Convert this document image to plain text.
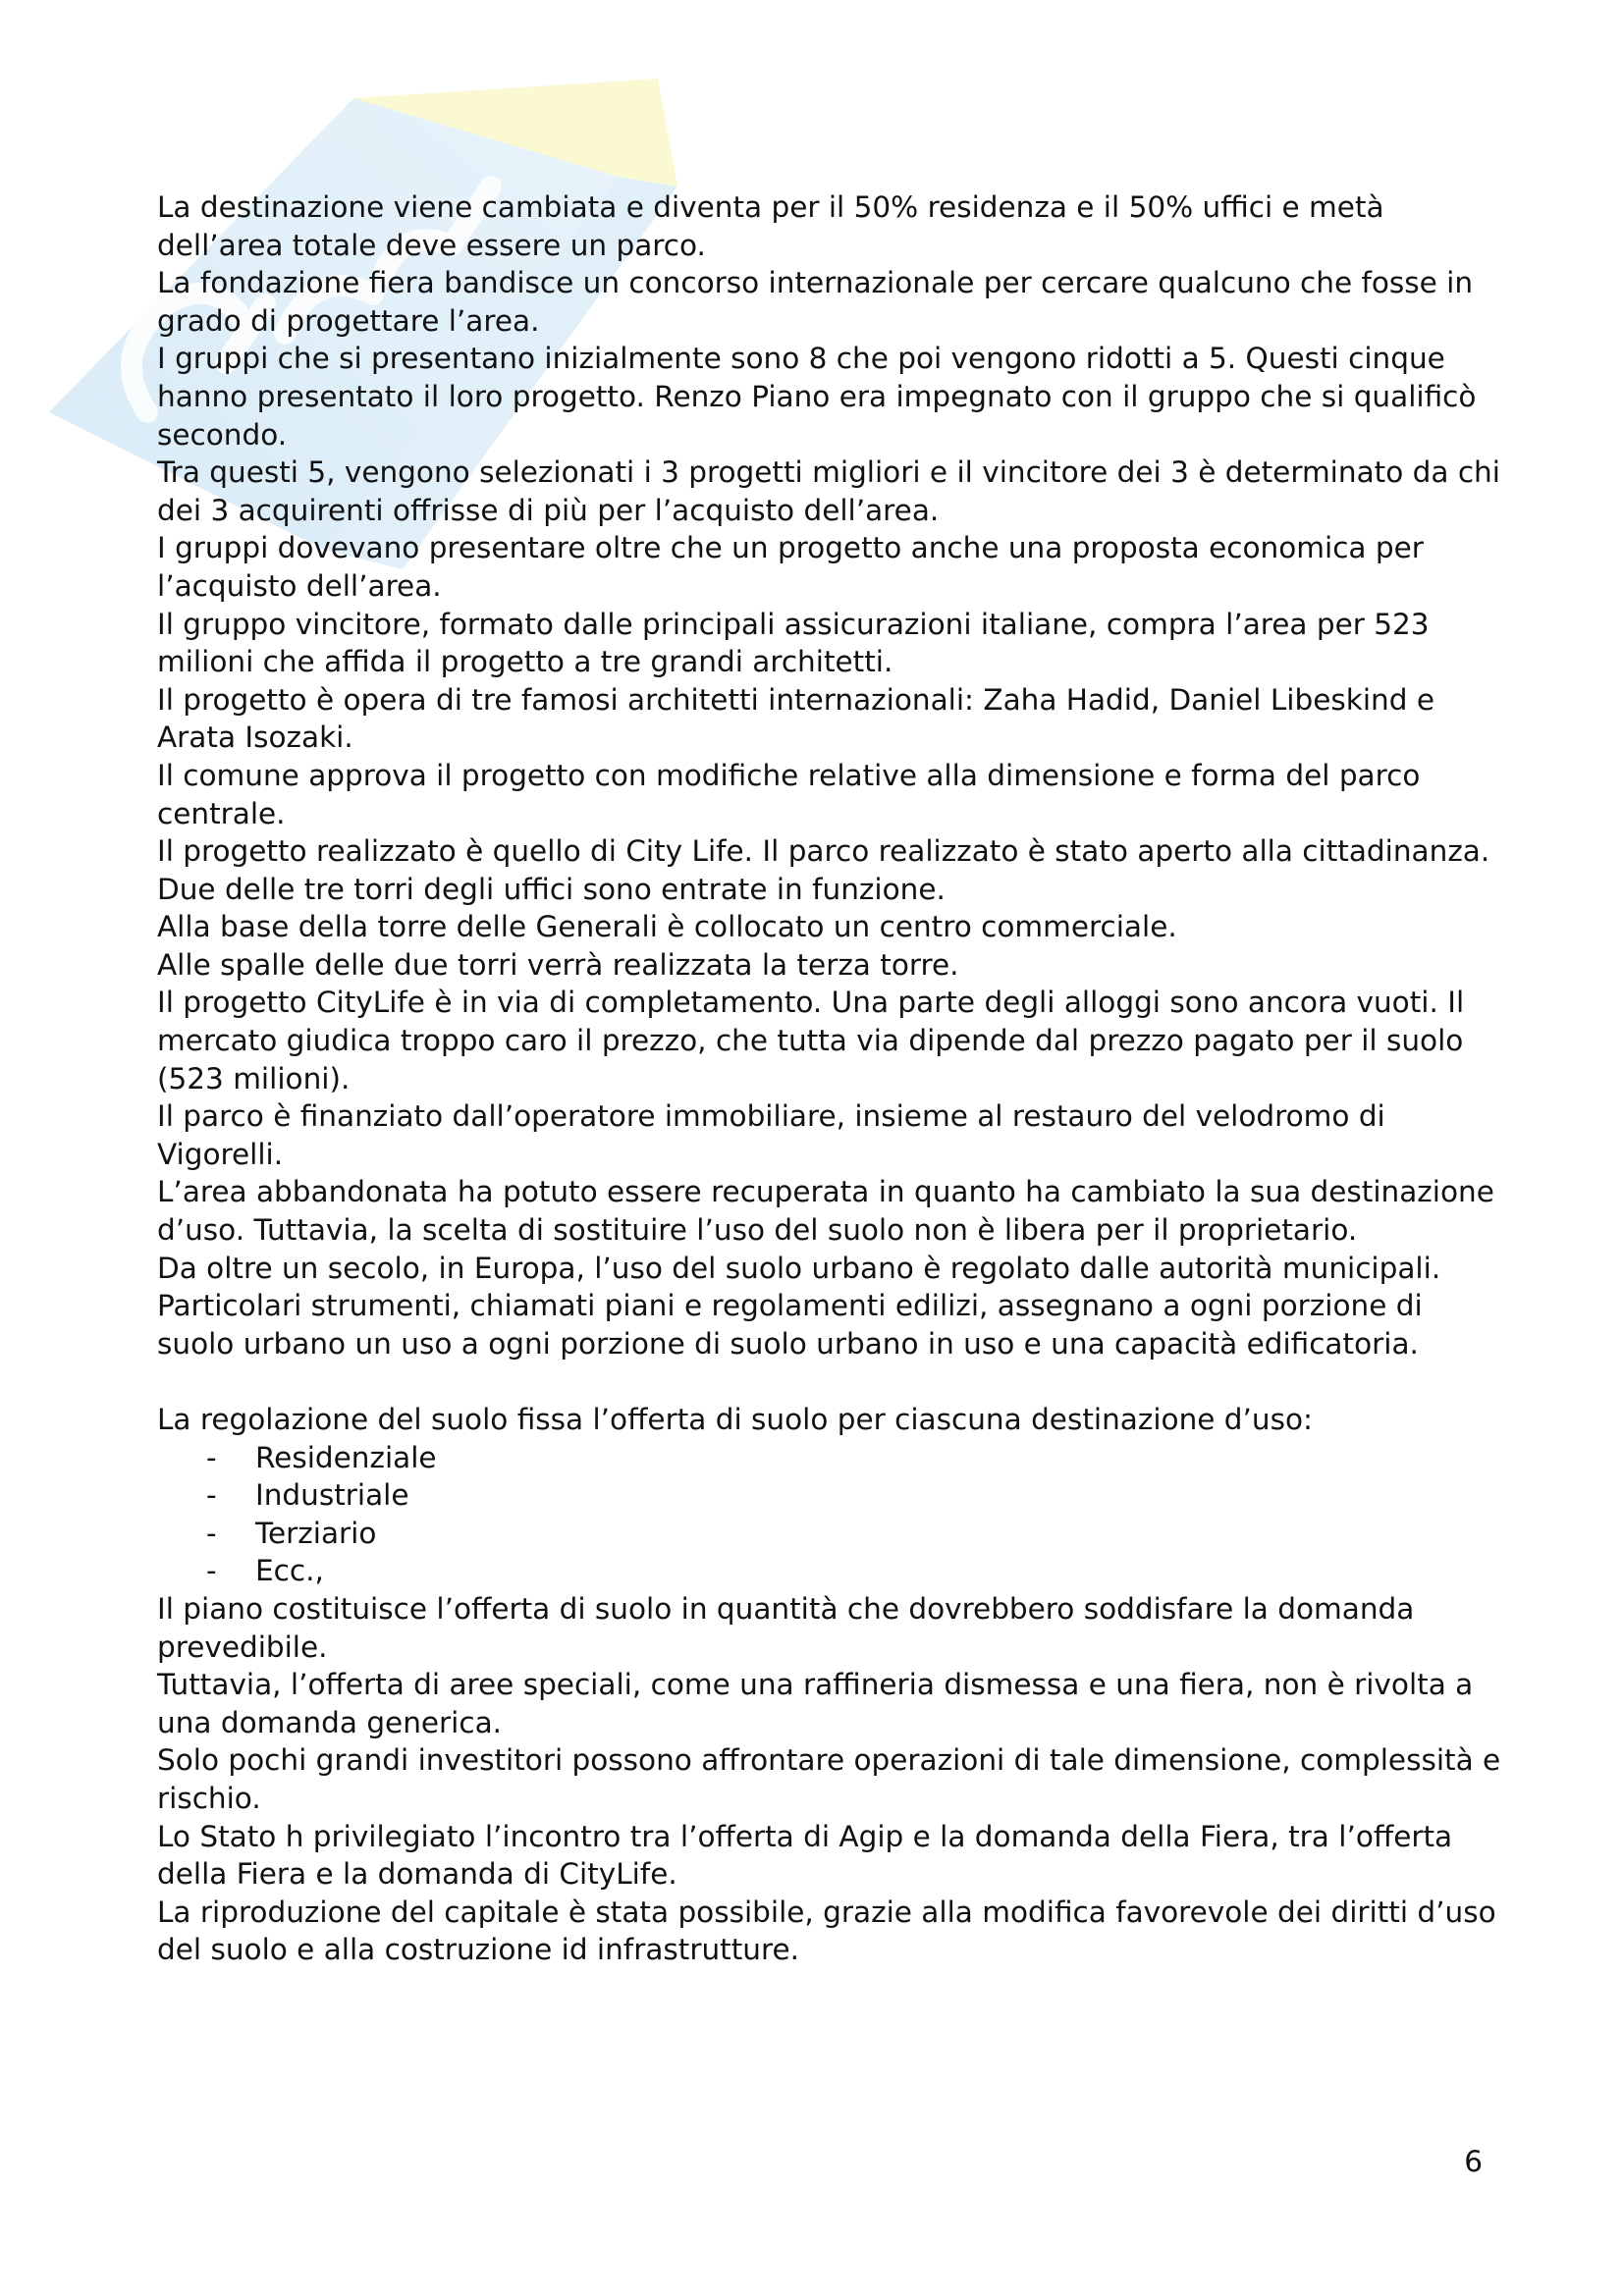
La destinazione viene cambiata e diventa per il 50% residenza e il 50% uffici e metà dell’area totale deve essere un parco.

La fondazione fiera bandisce un concorso internazionale per cercare qualcuno che fosse in grado di progettare l’area.

I gruppi che si presentano inizialmente sono 8 che poi vengono ridotti a 5. Questi cinque hanno presentato il loro progetto. Renzo Piano era impegnato con il gruppo che si qualificò secondo.

Tra questi 5, vengono selezionati i 3 progetti migliori e il vincitore dei 3 è determinato da chi dei 3 acquirenti offrisse di più per l’acquisto dell’area.

I gruppi dovevano presentare oltre che un progetto anche una proposta economica per l’acquisto dell’area.

Il gruppo vincitore, formato dalle principali assicurazioni italiane, compra l’area per 523 milioni che affida il progetto a tre grandi architetti.

Il progetto è opera di tre famosi architetti internazionali: Zaha Hadid, Daniel Libeskind e Arata Isozaki.

Il comune approva il progetto con modifiche relative alla dimensione e forma del parco centrale.

Il progetto realizzato è quello di City Life. Il parco realizzato è stato aperto alla cittadinanza. Due delle tre torri degli uffici sono entrate in funzione.

Alla base della torre delle Generali è collocato un centro commerciale.

Alle spalle delle due torri verrà realizzata la terza torre.

Il progetto CityLife è in via di completamento. Una parte degli alloggi sono ancora vuoti. Il mercato giudica troppo caro il prezzo, che tutta via dipende dal prezzo pagato per il suolo (523 milioni).

Il parco è finanziato dall’operatore immobiliare, insieme al restauro del velodromo di Vigorelli.

L’area abbandonata ha potuto essere recuperata in quanto ha cambiato la sua destinazione d’uso. Tuttavia, la scelta di sostituire l’uso del suolo non è libera per il proprietario.

Da oltre un secolo, in Europa, l’uso del suolo urbano è regolato dalle autorità municipali.

Particolari strumenti, chiamati piani e regolamenti edilizi, assegnano a ogni porzione di suolo urbano un uso a ogni porzione di suolo urbano in uso e una capacità edificatoria.

La regolazione del suolo fissa l’offerta di suolo per ciascuna destinazione d’uso:

- Residenziale
- Industriale
- Terziario
- Ecc.,

Il piano costituisce l’offerta di suolo in quantità che dovrebbero soddisfare la domanda prevedibile.

Tuttavia, l’offerta di aree speciali, come una raffineria dismessa e una fiera, non è rivolta a una domanda generica.

Solo pochi grandi investitori possono affrontare operazioni di tale dimensione, complessità e rischio.

Lo Stato h privilegiato l’incontro tra l’offerta di Agip e la domanda della Fiera, tra l’offerta della Fiera e la domanda di CityLife.

La riproduzione del capitale è stata possibile, grazie alla modifica favorevole dei diritti d’uso del suolo e alla costruzione id infrastrutture.

6
